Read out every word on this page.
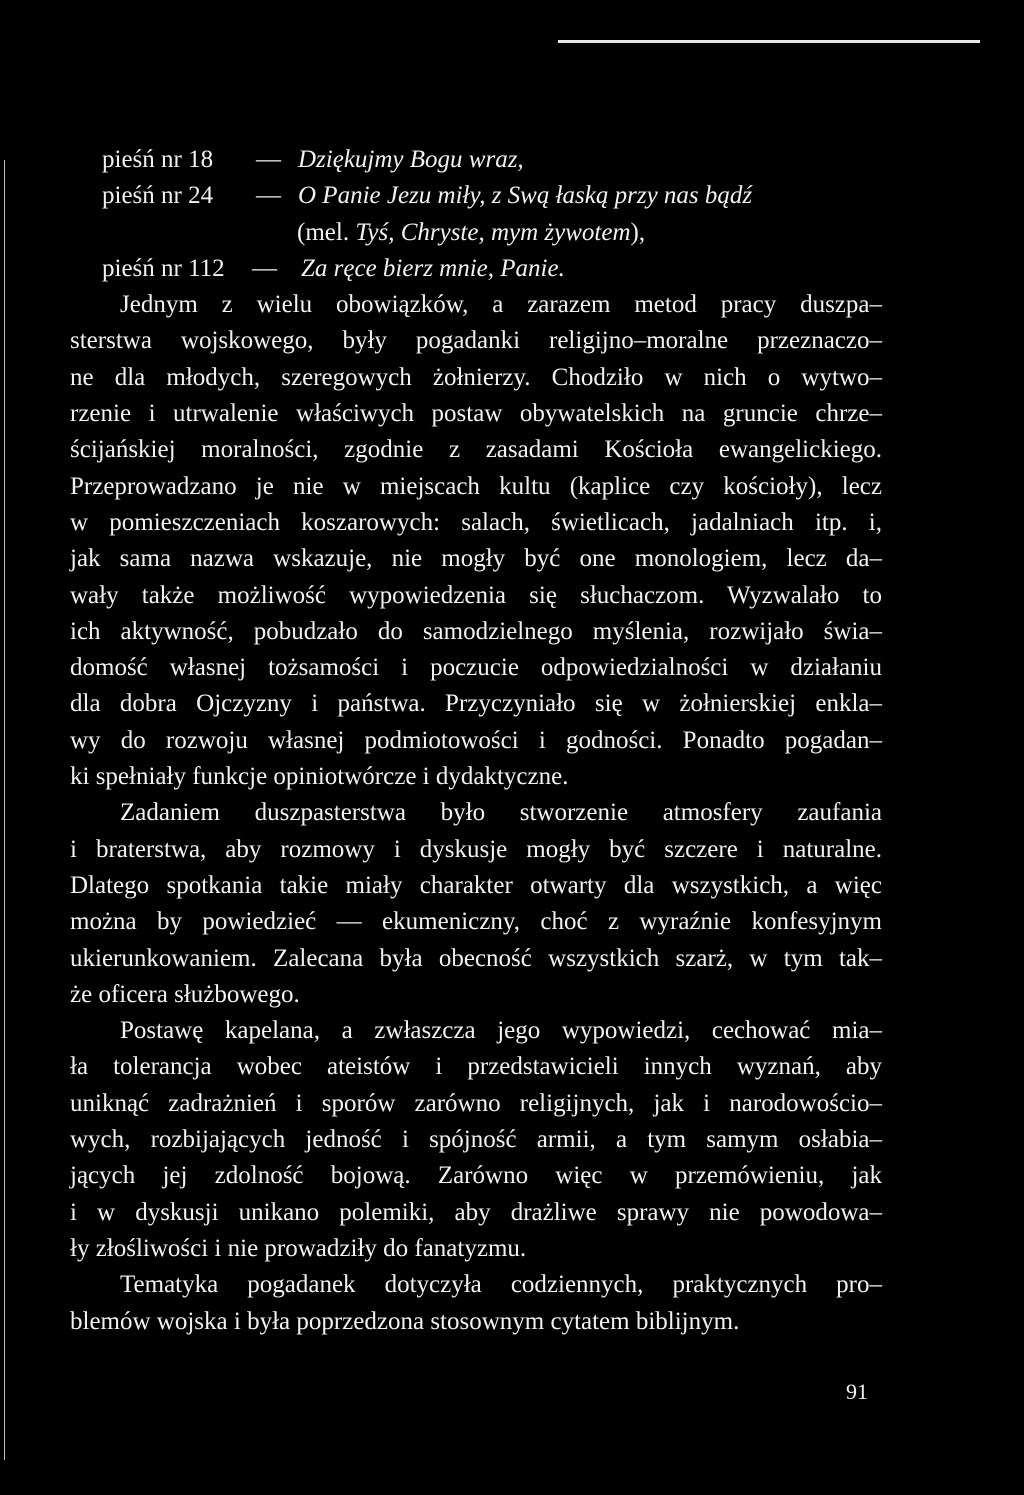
pieśń nr 18 — Dziękujmy Bogu wraz,
pieśń nr 24 — O Panie Jezu miły, z Swą łaską przy nas bądź
(mel. Tyś, Chryste, mym żywotem),
pieśń nr 112 — Za ręce bierz mnie, Panie.
Jednym z wielu obowiązków, a zarazem metod pracy duszpa–
sterstwa wojskowego, były pogadanki religijno–moralne przeznaczo–
ne dla młodych, szeregowych żołnierzy. Chodziło w nich o wytwo–
rzenie i utrwalenie właściwych postaw obywatelskich na gruncie chrze–
ścijańskiej moralności, zgodnie z zasadami Kościoła ewangelickiego.
Przeprowadzano je nie w miejscach kultu (kaplice czy kościoły), lecz
w pomieszczeniach koszarowych: salach, świetlicach, jadalniach itp. i,
jak sama nazwa wskazuje, nie mogły być one monologiem, lecz da–
wały także możliwość wypowiedzenia się słuchaczom. Wyzwalało to
ich aktywność, pobudzało do samodzielnego myślenia, rozwijało świa–
domość własnej tożsamości i poczucie odpowiedzialności w działaniu
dla dobra Ojczyzny i państwa. Przyczyniało się w żołnierskiej enkla–
wy do rozwoju własnej podmiotowości i godności. Ponadto pogadan–
ki spełniały funkcje opiniotwórcze i dydaktyczne.
Zadaniem duszpasterstwa było stworzenie atmosfery zaufania
i braterstwa, aby rozmowy i dyskusje mogły być szczere i naturalne.
Dlatego spotkania takie miały charakter otwarty dla wszystkich, a więc
można by powiedzieć — ekumeniczny, choć z wyraźnie konfesyjnym
ukierunkowaniem. Zalecana była obecność wszystkich szarż, w tym tak–
że oficera służbowego.
Postawę kapelana, a zwłaszcza jego wypowiedzi, cechować mia–
ła tolerancja wobec ateistów i przedstawicieli innych wyznań, aby
uniknąć zadrażnień i sporów zarówno religijnych, jak i narodowościo–
wych, rozbijających jedność i spójność armii, a tym samym osłabia–
jących jej zdolność bojową. Zarówno więc w przemówieniu, jak
i w dyskusji unikano polemiki, aby drażliwe sprawy nie powodowa–
ły złośliwości i nie prowadziły do fanatyzmu.
Tematyka pogadanek dotyczyła codziennych, praktycznych pro–
blemów wojska i była poprzedzona stosownym cytatem biblijnym.
91
